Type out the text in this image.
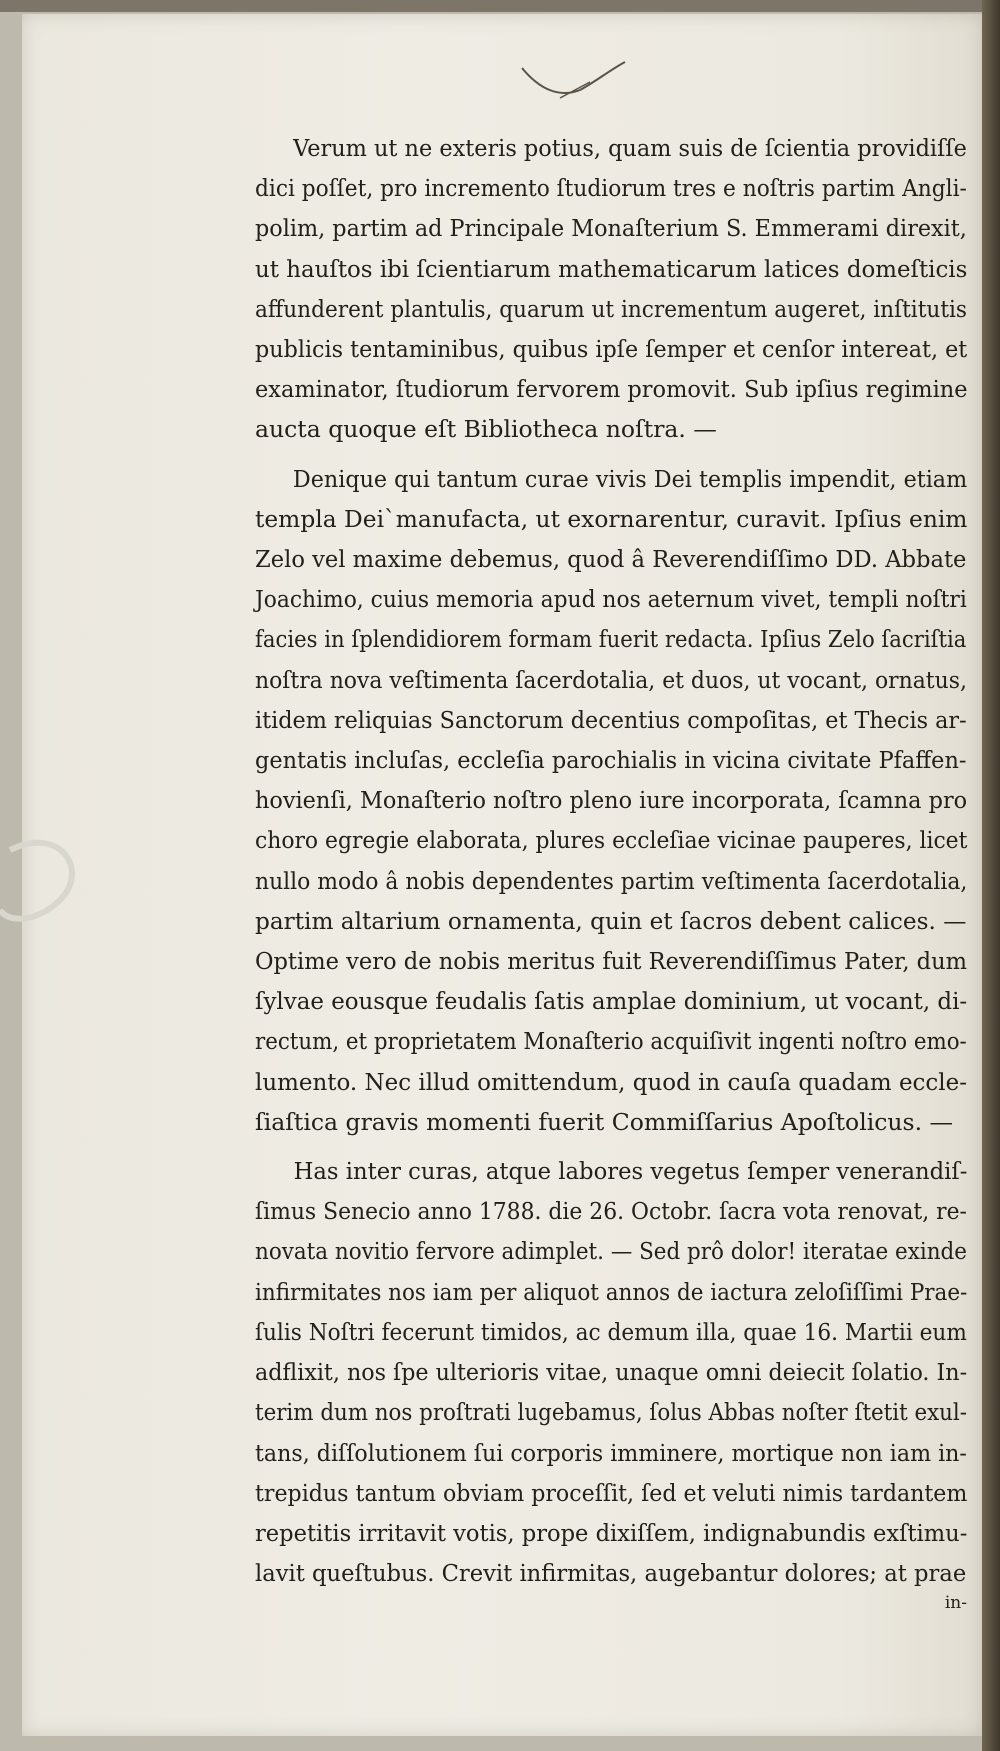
Verum ut ne exteris potius, quam suis de ſcientia providiſſe
dici poſſet, pro incremento ſtudiorum tres e noſtris partim Angli-
polim, partim ad Principale Monaſterium S. Emmerami direxit,
ut hauſtos ibi ſcientiarum mathematicarum latices domeſticis
affunderent plantulis, quarum ut incrementum augeret, inſtitutis
publicis tentaminibus, quibus ipſe ſemper et cenſor intereat, et
examinator, ſtudiorum fervorem promovit. Sub ipſius regimine
aucta quoque eſt Bibliotheca noſtra. —
Denique qui tantum curae vivis Dei templis impendit, etiam
templa Dei`manufacta, ut exornarentur, curavit. Ipſius enim
Zelo vel maxime debemus, quod â Reverendiſſimo DD. Abbate
Joachimo, cuius memoria apud nos aeternum vivet, templi noſtri
facies in ſplendidiorem formam fuerit redacta. Ipſius Zelo ſacriſtia
noſtra nova veſtimenta ſacerdotalia, et duos, ut vocant, ornatus,
itidem reliquias Sanctorum decentius compoſitas, et Thecis ar-
gentatis incluſas, eccleſia parochialis in vicina civitate Pfaffen-
hovienſi, Monaſterio noſtro pleno iure incorporata, ſcamna pro
choro egregie elaborata, plures eccleſiae vicinae pauperes, licet
nullo modo â nobis dependentes partim veſtimenta ſacerdotalia,
partim altarium ornamenta, quin et ſacros debent calices. —
Optime vero de nobis meritus fuit Reverendiſſimus Pater, dum
ſylvae eousque feudalis ſatis amplae dominium, ut vocant, di-
rectum, et proprietatem Monaſterio acquiſivit ingenti noſtro emo-
lumento. Nec illud omittendum, quod in cauſa quadam eccle-
ſiaſtica gravis momenti fuerit Commiſſarius Apoſtolicus. —
Has inter curas, atque labores vegetus ſemper venerandiſ-
ſimus Senecio anno 1788. die 26. Octobr. ſacra vota renovat, re-
novata novitio fervore adimplet. — Sed prô dolor! iteratae exinde
infirmitates nos iam per aliquot annos de iactura zeloſiſſimi Prae-
ſulis Noſtri fecerunt timidos, ac demum illa, quae 16. Martii eum
adflixit, nos ſpe ulterioris vitae, unaque omni deiecit ſolatio. In-
terim dum nos proſtrati lugebamus, ſolus Abbas noſter ſtetit exul-
tans, diſſolutionem ſui corporis imminere, mortique non iam in-
trepidus tantum obviam proceſſit, ſed et veluti nimis tardantem
repetitis irritavit votis, prope dixiſſem, indignabundis exſtimu-
lavit queſtubus. Crevit infirmitas, augebantur dolores; at prae
in-
